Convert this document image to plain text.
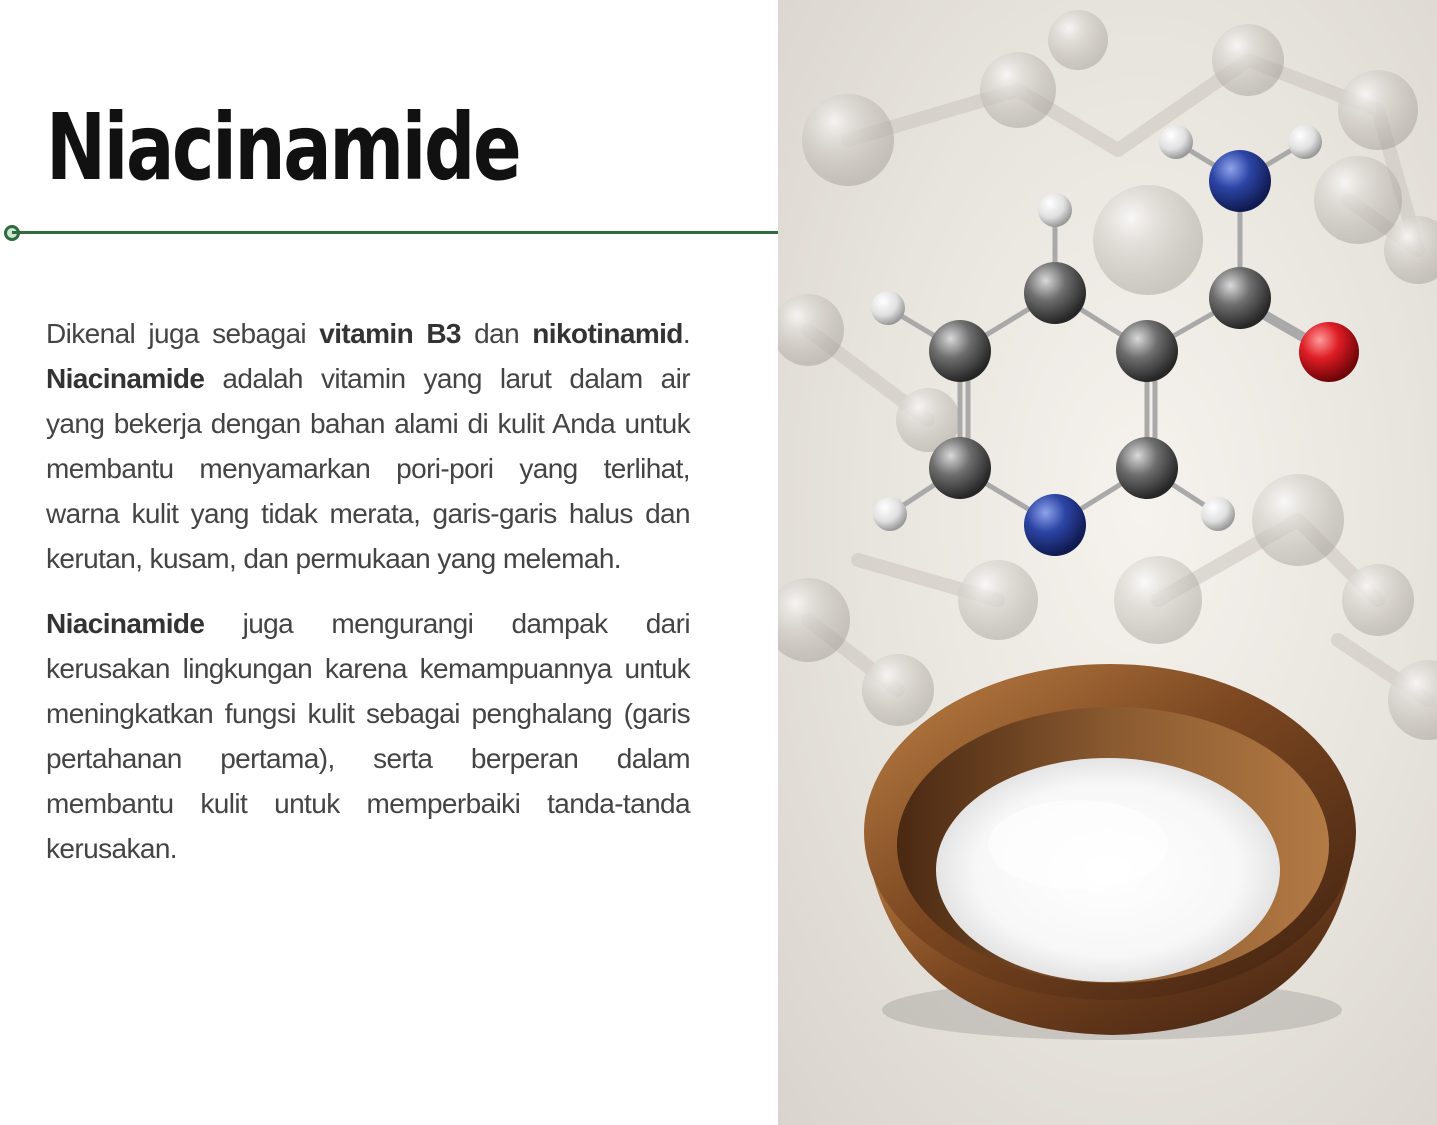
Niacinamide

Dikenal juga sebagai vitamin B3 dan nikotinamid. Niacinamide adalah vitamin yang larut dalam air yang bekerja dengan bahan alami di kulit Anda untuk membantu menyamarkan pori-pori yang terlihat, warna kulit yang tidak merata, garis-garis halus dan kerutan, kusam, dan permukaan yang melemah.

Niacinamide juga mengurangi dampak dari kerusakan lingkungan karena kemampuannya untuk meningkatkan fungsi kulit sebagai penghalang (garis pertahanan pertama), serta berperan dalam membantu kulit untuk memperbaiki tanda-tanda kerusakan.
